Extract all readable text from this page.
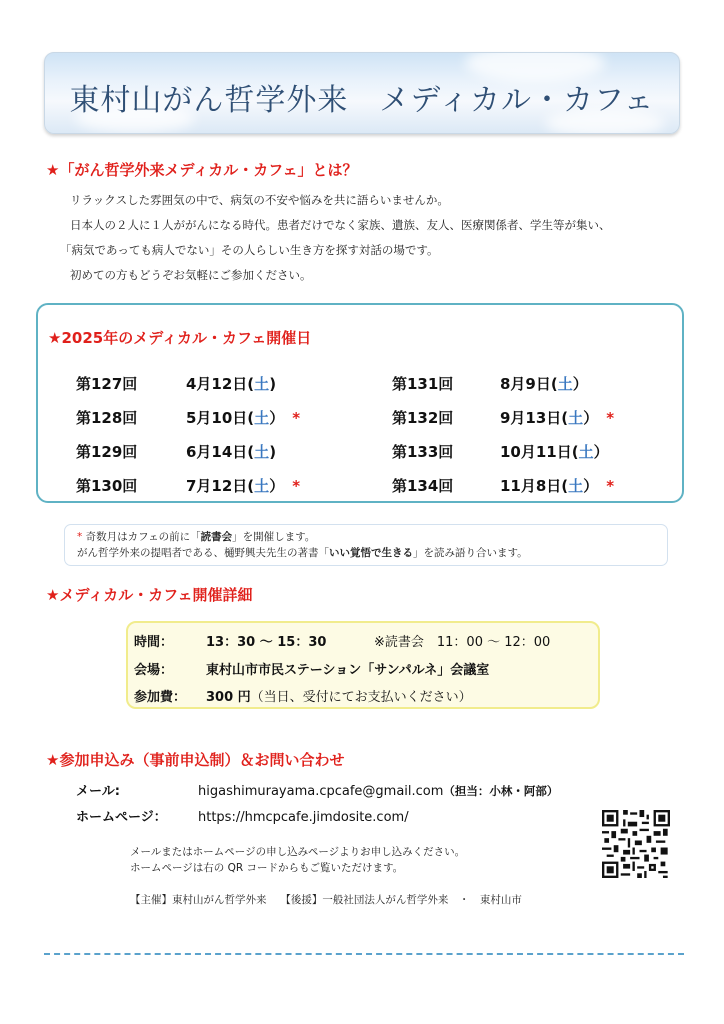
東村山がん哲学外来　メディカル・カフェ
★「がん哲学外来メディカル・カフェ」とは？

リラックスした雰囲気の中で、病気の不安や悩みを共に語らいませんか。

日本人の２人に１人ががんになる時代。患者だけでなく家族、遺族、友人、医療関係者、学生等が集い、

「病気であっても病人でない」その人らしい生き方を探す対話の場です。

初めての方もどうぞお気軽にご参加ください。

★2025年のメディカル・カフェ開催日
第127回	4月12日(土)
第128回	5月10日(土） *
第129回	6月14日(土)
第130回	7月12日(土） *
第131回	8月9日(土）
第132回	9月13日(土） *
第133回	10月11日(土）
第134回	11月8日(土） *
* 奇数月はカフェの前に「読書会」を開催します。
がん哲学外来の提唱者である、樋野興夫先生の著書「いい覚悟で生きる」を読み語り合います。
★メディカル・カフェ開催詳細
時間：	13：30 ～ 15：30	※読書会　11：00 ～ 12：00
会場：	東村山市市民ステーション「サンパルネ」会議室
参加費： 300 円（当日、受付にてお支払いください）
★参加申込み（事前申込制）＆お問い合わせ
メール:	higashimurayama.cpcafe@gmail.com（担当：小林・阿部）
ホームページ： https://hmcpcafe.jimdosite.com/
メールまたはホームページの申し込みページよりお申し込みください。
ホームページは右の QR コードからもご覧いただけます。
【主催】東村山がん哲学外来　 【後援】一般社団法人がん哲学外来　・　東村山市
